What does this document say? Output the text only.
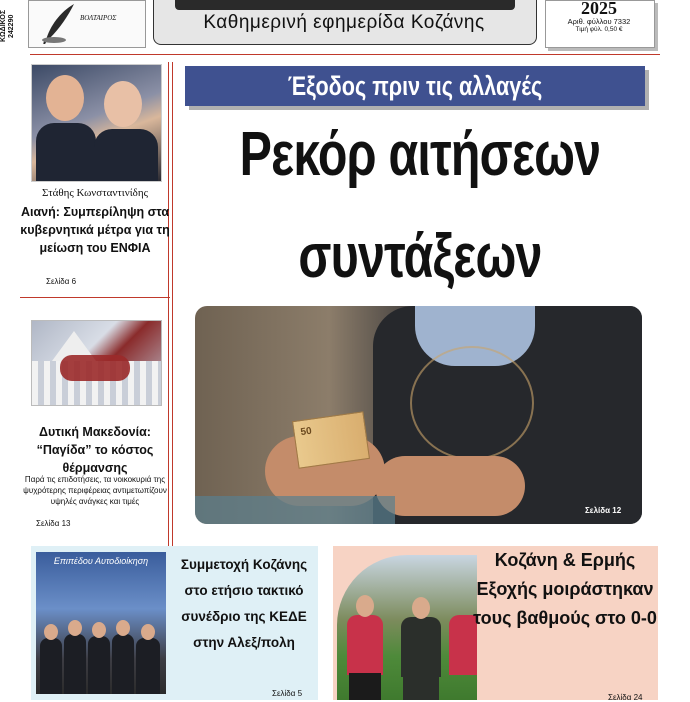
ΚΩΔΙΚΟΣ 242290	ΒΟΛΤΑΙΡΟΣ	Καθημερινή εφημερίδα Κοζάνης
2025
Αριθ. φύλλου 7332
Τιμή φύλ. 0,50 €
Στάθης Κωνσταντινίδης
Αιανή: Συμπερίληψη στα κυβερνητικά μέτρα για τη μείωση του ΕΝΦΙΑ
Σελίδα 6
Δυτική Μακεδονία: “Παγίδα” το κόστος θέρμανσης
Παρά τις επιδοτήσεις, τα νοικοκυριά της ψυχρότερης περιφέρειας αντιμετωπίζουν υψηλές ανάγκες και τιμές
Σελίδα 13
Έξοδος πριν τις αλλαγές
Ρεκόρ αιτήσεων
συντάξεων
50
Σελίδα 12
Επιπέδου Αυτοδιοίκηση	Συμμετοχή Κοζάνης στο ετήσιο τακτικό συνέδριο της ΚΕΔΕ στην Αλεξ/πολη
Σελίδα 5
Κοζάνη & Ερμής Εξοχής μοιράστηκαν τους βαθμούς στο 0-0
Σελίδα 24
